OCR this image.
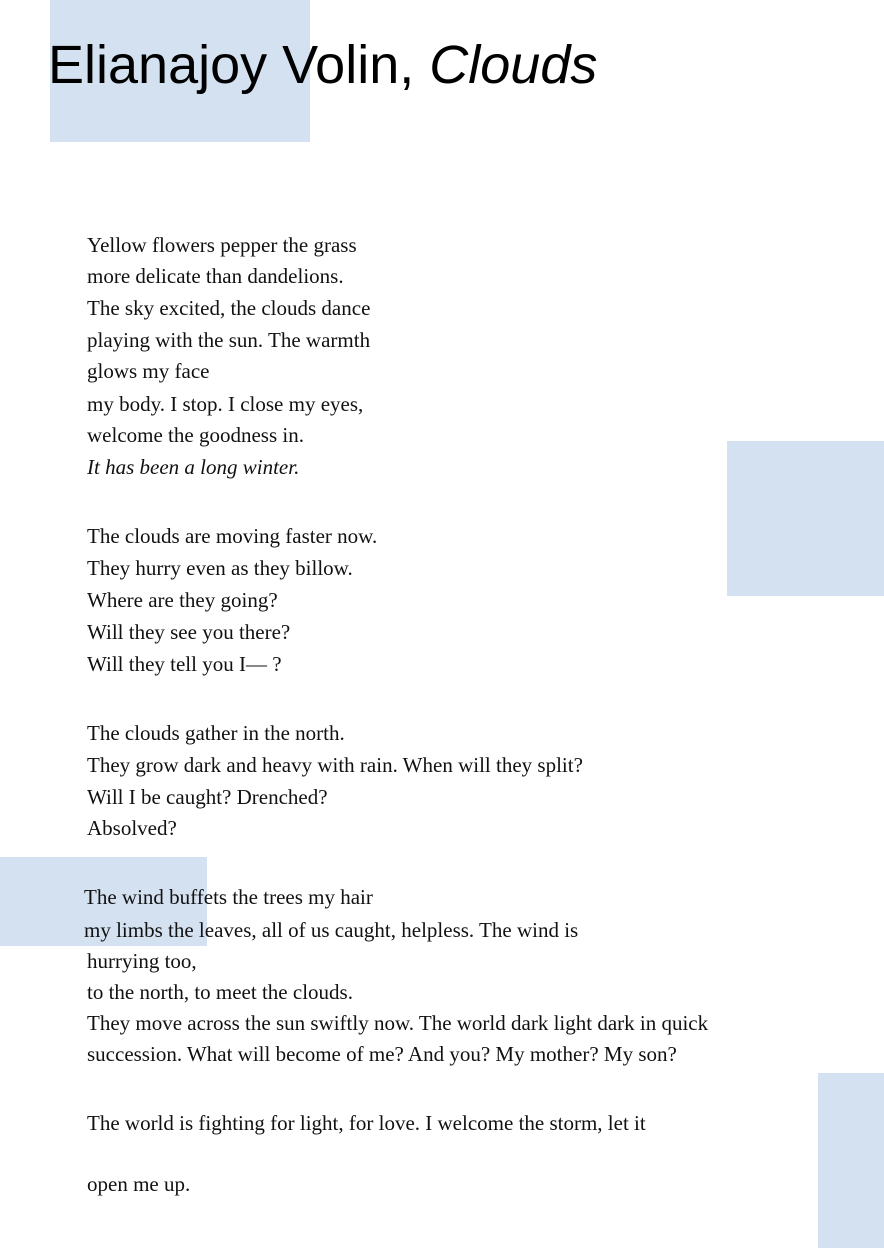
Elianajoy Volin, Clouds

Yellow flowers pepper the grass

more delicate than dandelions.

The sky excited, the clouds dance

playing with the sun. The warmth

glows my face

my body. I stop. I close my eyes,

welcome the goodness in.

It has been a long winter.

The clouds are moving faster now.

They hurry even as they billow.

Where are they going?

Will they see you there?

Will they tell you I— ?

The clouds gather in the north.

They grow dark and heavy with rain. When will they split?

Will I be caught? Drenched?

Absolved?

The wind buffets the trees my hair

my limbs the leaves, all of us caught, helpless. The wind is

hurrying too,

to the north, to meet the clouds.

They move across the sun swiftly now. The world dark light dark in quick

succession. What will become of me? And you? My mother? My son?

The world is fighting for light, for love. I welcome the storm, let it

open me up.
